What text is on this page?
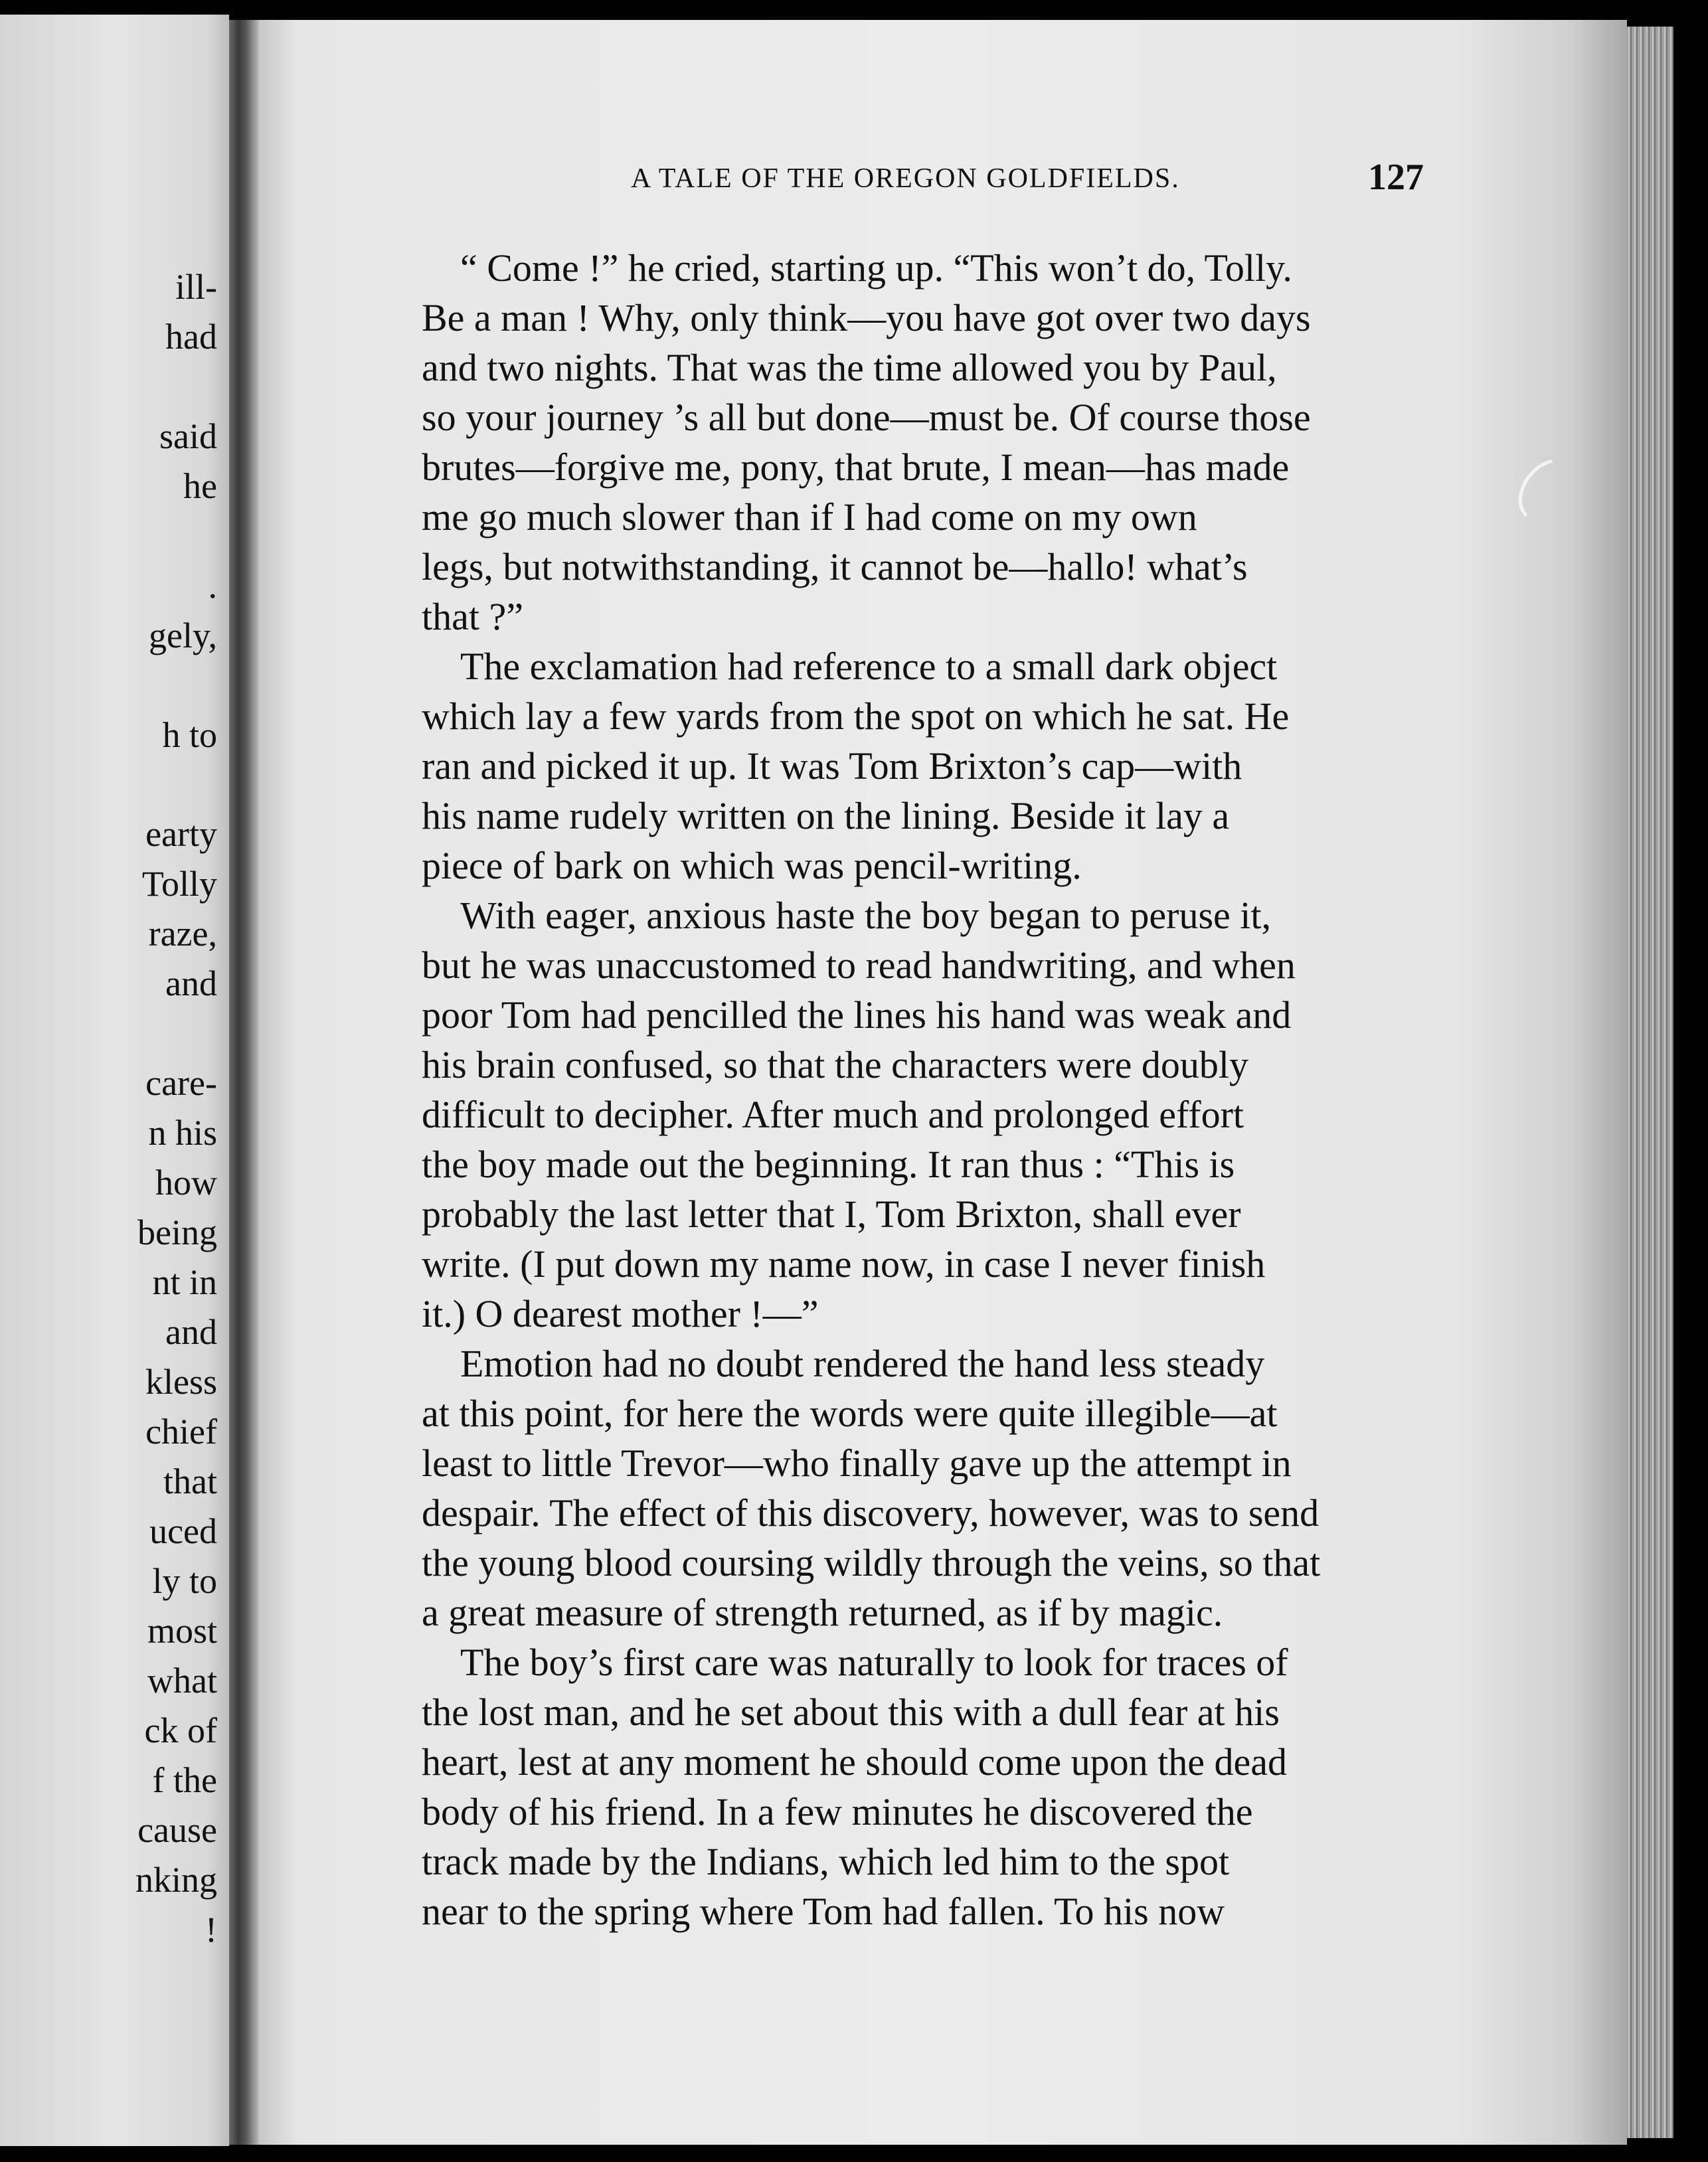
ill-
had
said
he
.
gely,
h to
earty
Tolly
raze,
and
care-
n his
how
being
nt in
and
kless
chief
that
uced
ly to
most
what
ck of
f the
cause
nking
!
A TALE OF THE OREGON GOLDFIELDS.	127
“ Come !” he cried, starting up. “This won’t do, Tolly.
Be a man ! Why, only think—you have got over two days
and two nights. That was the time allowed you by Paul,
so your journey ’s all but done—must be. Of course those
brutes—forgive me, pony, that brute, I mean—has made
me go much slower than if I had come on my own
legs, but notwithstanding, it cannot be—hallo! what’s
that ?”
The exclamation had reference to a small dark object
which lay a few yards from the spot on which he sat. He
ran and picked it up. It was Tom Brixton’s cap—with
his name rudely written on the lining. Beside it lay a
piece of bark on which was pencil-writing.
With eager, anxious haste the boy began to peruse it,
but he was unaccustomed to read handwriting, and when
poor Tom had pencilled the lines his hand was weak and
his brain confused, so that the characters were doubly
difficult to decipher. After much and prolonged effort
the boy made out the beginning. It ran thus : “This is
probably the last letter that I, Tom Brixton, shall ever
write. (I put down my name now, in case I never finish
it.) O dearest mother !—”
Emotion had no doubt rendered the hand less steady
at this point, for here the words were quite illegible—at
least to little Trevor—who finally gave up the attempt in
despair. The effect of this discovery, however, was to send
the young blood coursing wildly through the veins, so that
a great measure of strength returned, as if by magic.
The boy’s first care was naturally to look for traces of
the lost man, and he set about this with a dull fear at his
heart, lest at any moment he should come upon the dead
body of his friend. In a few minutes he discovered the
track made by the Indians, which led him to the spot
near to the spring where Tom had fallen. To his now
